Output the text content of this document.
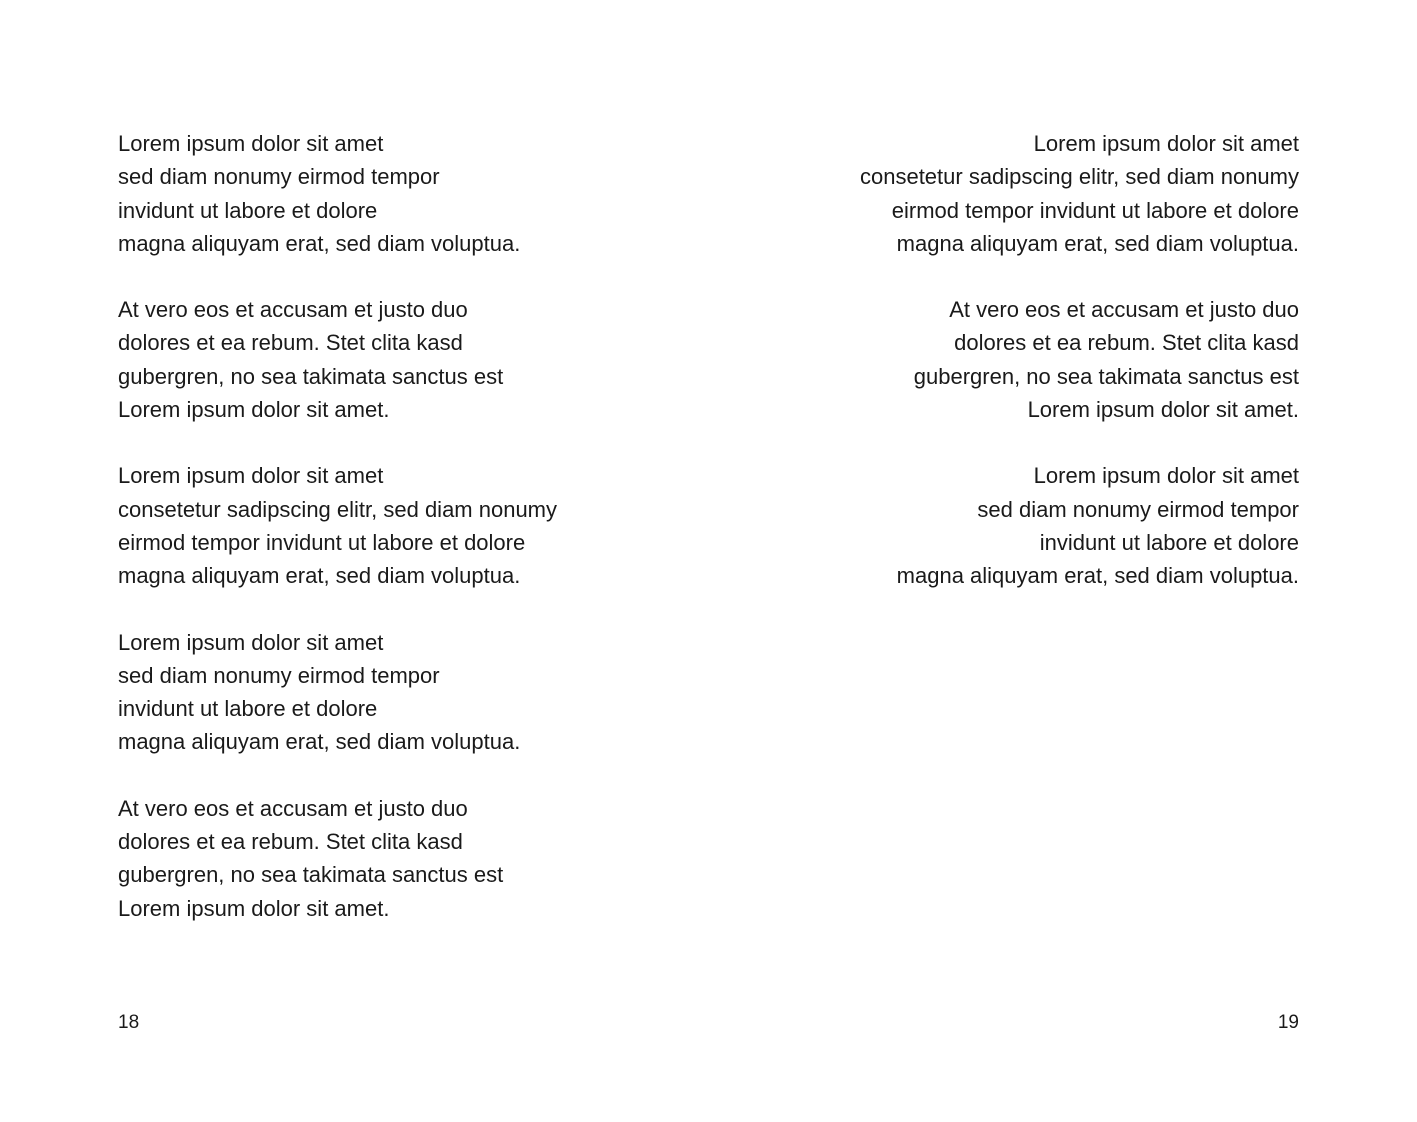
Lorem ipsum dolor sit amet
sed diam nonumy eirmod tempor
invidunt ut labore et dolore
magna aliquyam erat, sed diam voluptua.

At vero eos et accusam et justo duo
dolores et ea rebum. Stet clita kasd
gubergren, no sea takimata sanctus est
Lorem ipsum dolor sit amet.

Lorem ipsum dolor sit amet
consetetur sadipscing elitr, sed diam nonumy
eirmod tempor invidunt ut labore et dolore
magna aliquyam erat, sed diam voluptua.

Lorem ipsum dolor sit amet
sed diam nonumy eirmod tempor
invidunt ut labore et dolore
magna aliquyam erat, sed diam voluptua.

At vero eos et accusam et justo duo
dolores et ea rebum. Stet clita kasd
gubergren, no sea takimata sanctus est
Lorem ipsum dolor sit amet.

18

Lorem ipsum dolor sit amet
consetetur sadipscing elitr, sed diam nonumy
eirmod tempor invidunt ut labore et dolore
magna aliquyam erat, sed diam voluptua.

At vero eos et accusam et justo duo
dolores et ea rebum. Stet clita kasd
gubergren, no sea takimata sanctus est
Lorem ipsum dolor sit amet.

Lorem ipsum dolor sit amet
sed diam nonumy eirmod tempor
invidunt ut labore et dolore
magna aliquyam erat, sed diam voluptua.

19
